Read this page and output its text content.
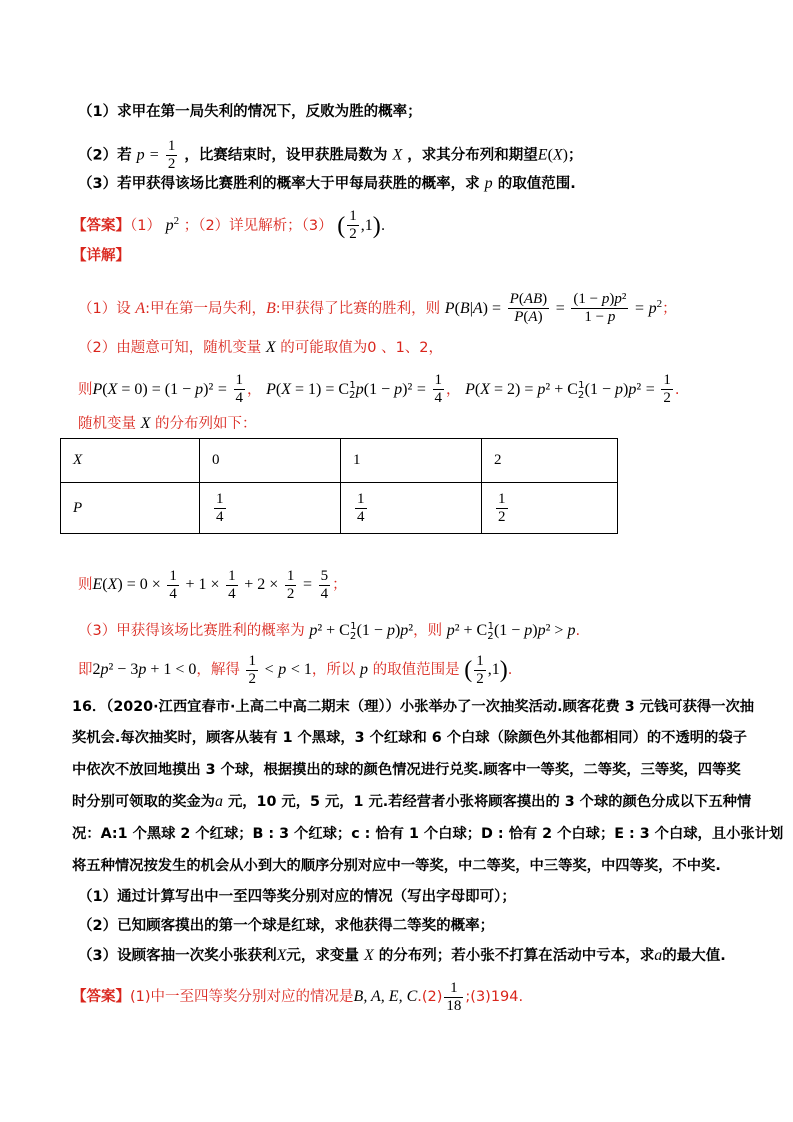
（1）求甲在第一局失利的情况下，反败为胜的概率；
（2）若 $p = \frac{1}{2}$ ，比赛结束时，设甲获胜局数为 X ，求其分布列和期望E(X)；
（3）若甲获得该场比赛胜利的概率大于甲每局获胜的概率，求 p 的取值范围.
【答案】（1） $p^2$ ；（2）详见解析；（3） ( $\frac{1}{2} ,1$).
【详解】
（1）设 A:甲在第一局失利，B:甲获得了比赛的胜利，则 $P(B|A) = \frac{P(AB)}{P(A)} = \frac{\text{(1 − p)p²}}{1 - p} = p^2$；
（2）由题意可知，随机变量 X 的可能取值为0 、1、2，
则$P(X = 0) = (1 - p)^2 = \frac{1}{4}$ ， $P(X = 1) = C_2^1p(1 - p)^2 = \frac{1}{4}$ ， $P(X = 2) = p^2 + C_2^1(1 - p)p^2 = \frac{1}{2}$ .
随机变量 X 的分布列如下：
X	0	1	2
P	$\frac{1}{4}$	$\frac{1}{4}$	$\frac{1}{2}$
则$E(X) = 0 \times \frac{1}{4} + 1 \times \frac{1}{4} + 2 \times \frac{1}{2} = \frac{5}{4}$ ；
（3）甲获得该场比赛胜利的概率为 $p^2 + C_2^1(1 - p)p^2$，则 $p^2 + C_2^1(1 - p)p^2 > p$.
即2p² − 3p + 1 < 0，解得 $\frac{1}{2} < p < 1$，所以 p 的取值范围是 ( $\frac{1}{2} ,1$).
16．（2020·江西宜春市·上高二中高二期末（理））小张举办了一次抽奖活动.顾客花费 3 元钱可获得一次抽
奖机会.每次抽奖时，顾客从装有 1 个黑球，3 个红球和 6 个白球（除颜色外其他都相同）的不透明的袋子
中依次不放回地摸出 3 个球，根据摸出的球的颜色情况进行兑奖.顾客中一等奖，二等奖，三等奖，四等奖
时分别可领取的奖金为a 元，10 元，5 元，1 元.若经营者小张将顾客摸出的 3 个球的颜色分成以下五种情
况：A:1 个黑球 2 个红球；B : 3 个红球；c : 恰有 1 个白球；D : 恰有 2 个白球；E : 3 个白球，且小张计划
将五种情况按发生的机会从小到大的顺序分别对应中一等奖，中二等奖，中三等奖，中四等奖，不中奖.
（1）通过计算写出中一至四等奖分别对应的情况（写出字母即可）；
（2）已知顾客摸出的第一个球是红球，求他获得二等奖的概率；
（3）设顾客抽一次奖小张获利X元，求变量 X 的分布列；若小张不打算在活动中亏本，求a的最大值.
【答案】(1)中一至四等奖分别对应的情况是B, A, E, $C.(2) \frac{1}{18}$ ;(3)194.
